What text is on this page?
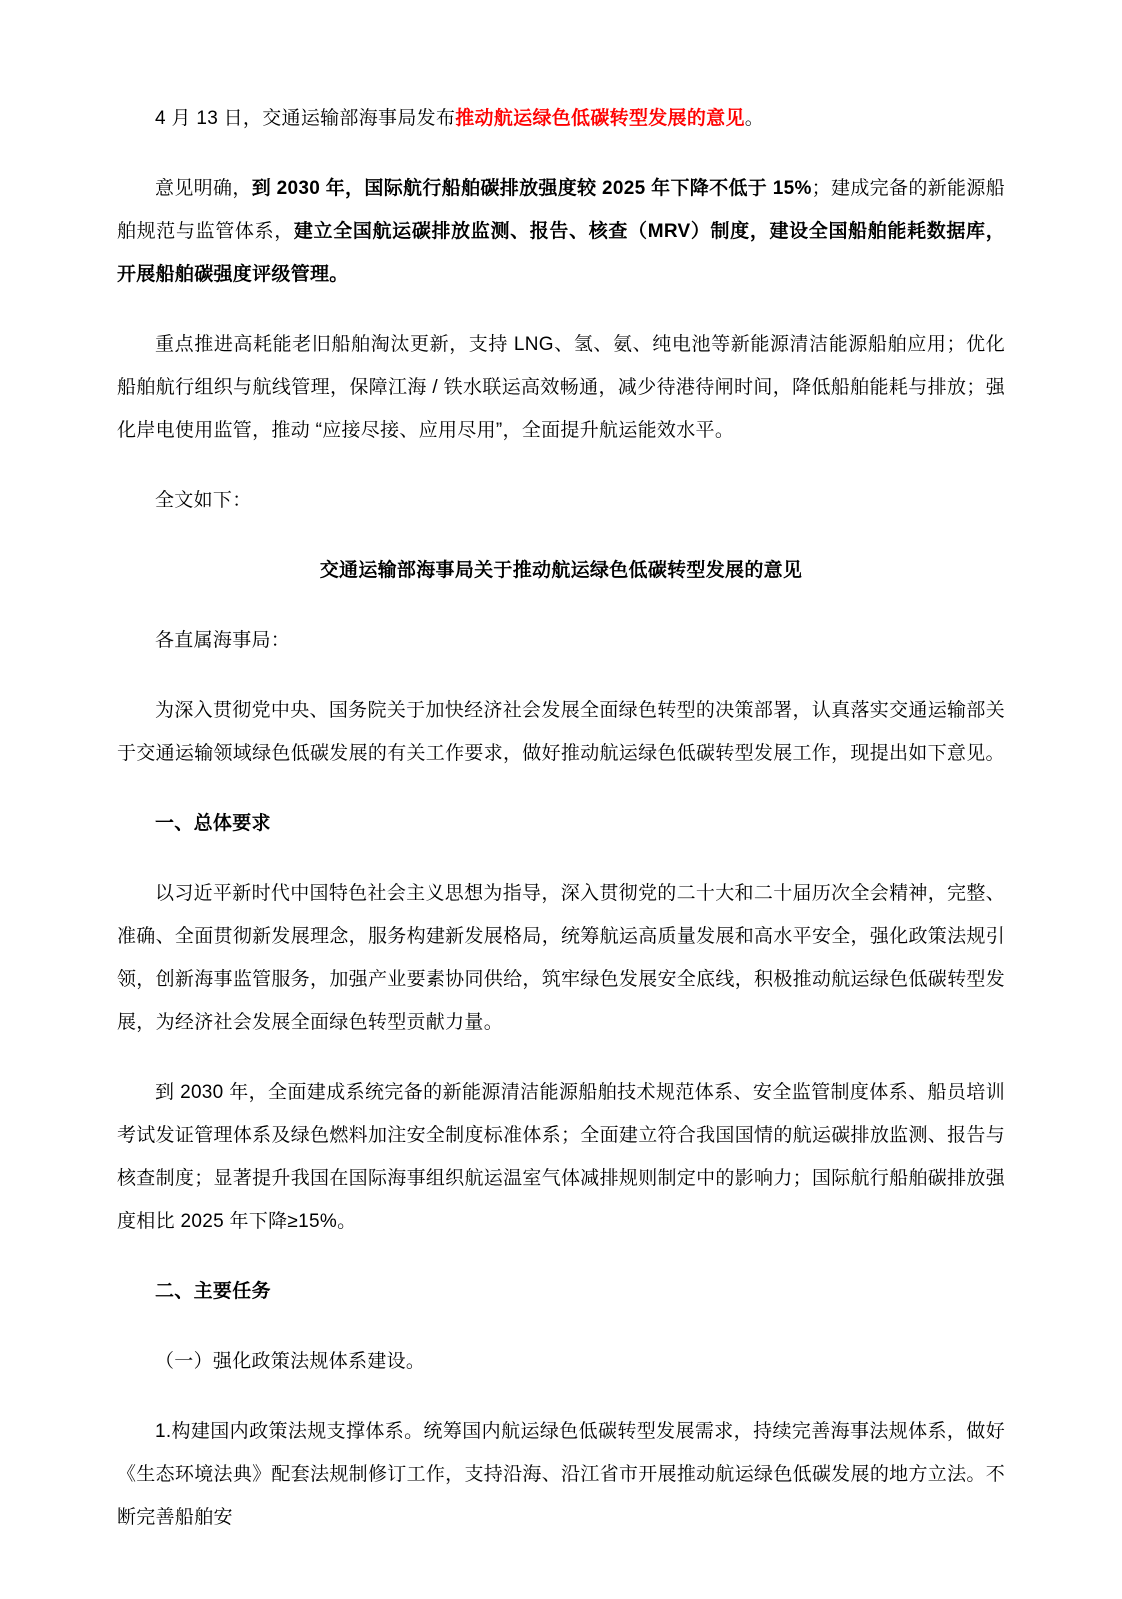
4 月 13 日，交通运输部海事局发布推动航运绿色低碳转型发展的意见。

意见明确，到 2030 年，国际航行船舶碳排放强度较 2025 年下降不低于 15%；建成完备的新能源船舶规范与监管体系，建立全国航运碳排放监测、报告、核查（MRV）制度，建设全国船舶能耗数据库，开展船舶碳强度评级管理。

重点推进高耗能老旧船舶淘汰更新，支持 LNG、氢、氨、纯电池等新能源清洁能源船舶应用；优化船舶航行组织与航线管理，保障江海 / 铁水联运高效畅通，减少待港待闸时间，降低船舶能耗与排放；强化岸电使用监管，推动 “应接尽接、应用尽用”，全面提升航运能效水平。

全文如下：

交通运输部海事局关于推动航运绿色低碳转型发展的意见

各直属海事局：

为深入贯彻党中央、国务院关于加快经济社会发展全面绿色转型的决策部署，认真落实交通运输部关于交通运输领域绿色低碳发展的有关工作要求，做好推动航运绿色低碳转型发展工作，现提出如下意见。

一、总体要求

以习近平新时代中国特色社会主义思想为指导，深入贯彻党的二十大和二十届历次全会精神，完整、准确、全面贯彻新发展理念，服务构建新发展格局，统筹航运高质量发展和高水平安全，强化政策法规引领，创新海事监管服务，加强产业要素协同供给，筑牢绿色发展安全底线，积极推动航运绿色低碳转型发展，为经济社会发展全面绿色转型贡献力量。

到 2030 年，全面建成系统完备的新能源清洁能源船舶技术规范体系、安全监管制度体系、船员培训考试发证管理体系及绿色燃料加注安全制度标准体系；全面建立符合我国国情的航运碳排放监测、报告与核查制度；显著提升我国在国际海事组织航运温室气体减排规则制定中的影响力；国际航行船舶碳排放强度相比 2025 年下降≥15%。

二、主要任务

（一）强化政策法规体系建设。

1.构建国内政策法规支撑体系。统筹国内航运绿色低碳转型发展需求，持续完善海事法规体系，做好《生态环境法典》配套法规制修订工作，支持沿海、沿江省市开展推动航运绿色低碳发展的地方立法。不断完善船舶安
